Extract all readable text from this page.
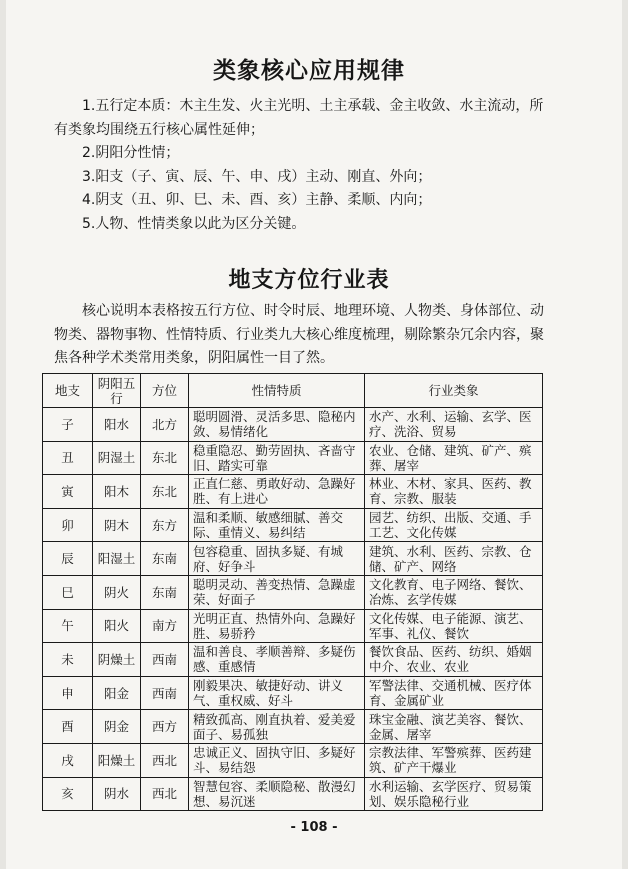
类象核心应用规律

1.五行定本质：木主生发、火主光明、土主承载、金主收敛、水主流动，所有类象均围绕五行核心属性延伸；

2.阴阳分性情；

3.阳支（子、寅、辰、午、申、戌）主动、刚直、外向；

4.阴支（丑、卯、巳、未、酉、亥）主静、柔顺、内向；

5.人物、性情类象以此为区分关键。

地支方位行业表

核心说明本表格按五行方位、时令时辰、地理环境、人物类、身体部位、动物类、器物事物、性情特质、行业类九大核心维度梳理，剔除繁杂冗余内容，聚焦各种学术类常用类象，阴阳属性一目了然。

地支	阴阳五行	方位	性情特质	行业类象
子	阳水	北方	聪明圆滑、灵活多思、隐秘内敛、易情绪化	水产、水利、运输、玄学、医疗、洗浴、贸易
丑	阴湿土	东北	稳重隐忍、勤劳固执、吝啬守旧、踏实可靠	农业、仓储、建筑、矿产、殡葬、屠宰
寅	阳木	东北	正直仁慈、勇敢好动、急躁好胜、有上进心	林业、木材、家具、医药、教育、宗教、服装
卯	阴木	东方	温和柔顺、敏感细腻、善交际、重情义、易纠结	园艺、纺织、出版、交通、手工艺、文化传媒
辰	阳湿土	东南	包容稳重、固执多疑、有城府、好争斗	建筑、水利、医药、宗教、仓储、矿产、网络
巳	阴火	东南	聪明灵动、善变热情、急躁虚荣、好面子	文化教育、电子网络、餐饮、冶炼、玄学传媒
午	阳火	南方	光明正直、热情外向、急躁好胜、易骄矜	文化传媒、电子能源、演艺、军事、礼仪、餐饮
未	阴燥土	西南	温和善良、孝顺善辩、多疑伤感、重感情	餐饮食品、医药、纺织、婚姻中介、农业、农业
申	阳金	西南	刚毅果决、敏捷好动、讲义气、重权威、好斗	军警法律、交通机械、医疗体育、金属矿业
酉	阴金	西方	精致孤高、刚直执着、爱美爱面子、易孤独	珠宝金融、演艺美容、餐饮、金属、屠宰
戌	阳燥土	西北	忠诚正义、固执守旧、多疑好斗、易结怨	宗教法律、军警殡葬、医药建筑、矿产干爆业
亥	阴水	西北	智慧包容、柔顺隐秘、散漫幻想、易沉迷	水利运输、玄学医疗、贸易策划、娱乐隐秘行业
- 108 -
